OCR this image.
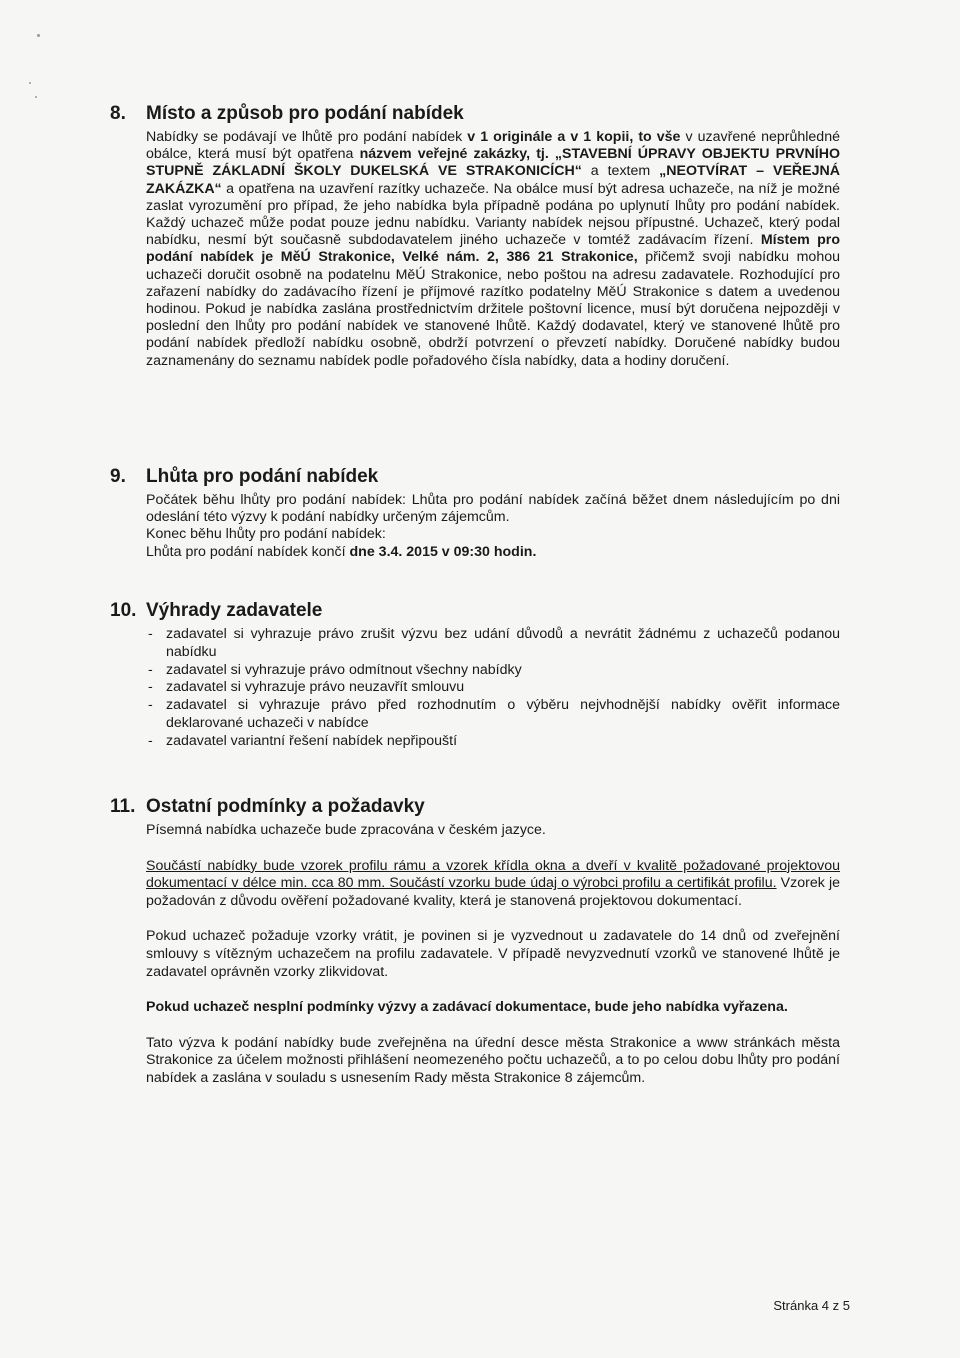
8. Místo a způsob pro podání nabídek

Nabídky se podávají ve lhůtě pro podání nabídek v 1 originále a v 1 kopii, to vše v uzavřené neprůhledné obálce, která musí být opatřena názvem veřejné zakázky, tj. „STAVEBNÍ ÚPRAVY OBJEKTU PRVNÍHO STUPNĚ ZÁKLADNÍ ŠKOLY DUKELSKÁ VE STRAKONICÍCH“ a textem „NEOTVÍRAT – VEŘEJNÁ ZAKÁZKA“ a opatřena na uzavření razítky uchazeče. Na obálce musí být adresa uchazeče, na níž je možné zaslat vyrozumění pro případ, že jeho nabídka byla případně podána po uplynutí lhůty pro podání nabídek. Každý uchazeč může podat pouze jednu nabídku. Varianty nabídek nejsou přípustné. Uchazeč, který podal nabídku, nesmí být současně subdodavatelem jiného uchazeče v tomtéž zadávacím řízení. Místem pro podání nabídek je MěÚ Strakonice, Velké nám. 2, 386 21 Strakonice, přičemž svoji nabídku mohou uchazeči doručit osobně na podatelnu MěÚ Strakonice, nebo poštou na adresu zadavatele. Rozhodující pro zařazení nabídky do zadávacího řízení je příjmové razítko podatelny MěÚ Strakonice s datem a uvedenou hodinou. Pokud je nabídka zaslána prostřednictvím držitele poštovní licence, musí být doručena nejpozději v poslední den lhůty pro podání nabídek ve stanovené lhůtě. Každý dodavatel, který ve stanovené lhůtě pro podání nabídek předloží nabídku osobně, obdrží potvrzení o převzetí nabídky. Doručené nabídky budou zaznamenány do seznamu nabídek podle pořadového čísla nabídky, data a hodiny doručení.

9. Lhůta pro podání nabídek

Počátek běhu lhůty pro podání nabídek: Lhůta pro podání nabídek začíná běžet dnem následujícím po dni odeslání této výzvy k podání nabídky určeným zájemcům.

Konec běhu lhůty pro podání nabídek:

Lhůta pro podání nabídek končí dne 3.4. 2015 v 09:30 hodin.

10. Výhrady zadavatele
- zadavatel si vyhrazuje právo zrušit výzvu bez udání důvodů a nevrátit žádnému z uchazečů podanou nabídku
- zadavatel si vyhrazuje právo odmítnout všechny nabídky
- zadavatel si vyhrazuje právo neuzavřít smlouvu
- zadavatel si vyhrazuje právo před rozhodnutím o výběru nejvhodnější nabídky ověřit informace deklarované uchazeči v nabídce
- zadavatel variantní řešení nabídek nepřipouští
11. Ostatní podmínky a požadavky

Písemná nabídka uchazeče bude zpracována v českém jazyce.

Součástí nabídky bude vzorek profilu rámu a vzorek křídla okna a dveří v kvalitě požadované projektovou dokumentací v délce min. cca 80 mm. Součástí vzorku bude údaj o výrobci profilu a certifikát profilu. Vzorek je požadován z důvodu ověření požadované kvality, která je stanovená projektovou dokumentací.

Pokud uchazeč požaduje vzorky vrátit, je povinen si je vyzvednout u zadavatele do 14 dnů od zveřejnění smlouvy s vítězným uchazečem na profilu zadavatele. V případě nevyzvednutí vzorků ve stanovené lhůtě je zadavatel oprávněn vzorky zlikvidovat.

Pokud uchazeč nesplní podmínky výzvy a zadávací dokumentace, bude jeho nabídka vyřazena.

Tato výzva k podání nabídky bude zveřejněna na úřední desce města Strakonice a www stránkách města Strakonice za účelem možnosti přihlášení neomezeného počtu uchazečů, a to po celou dobu lhůty pro podání nabídek a zaslána v souladu s usnesením Rady města Strakonice 8 zájemcům.

Stránka 4 z 5
